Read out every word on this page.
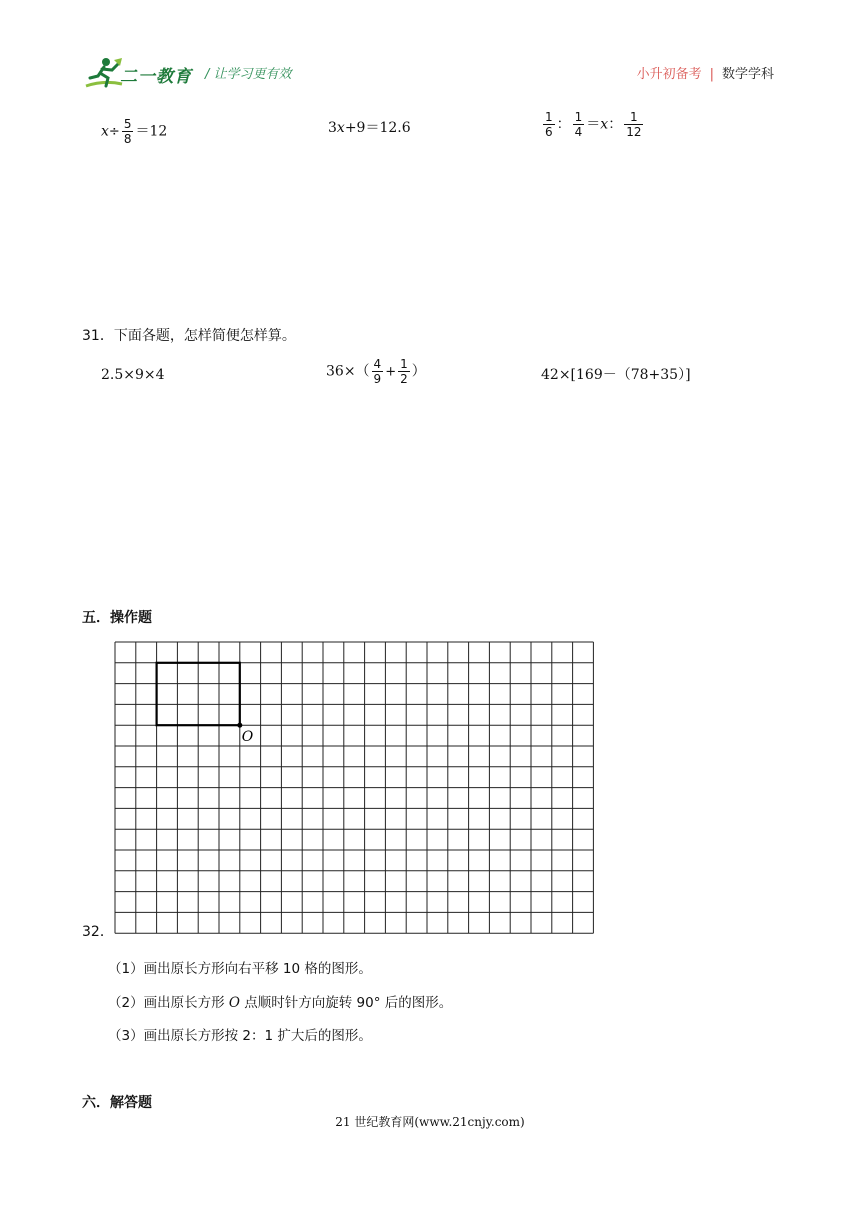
二一教育 / 让学习更有效	小升初备考 | 数学学科
$x\div \frac{5}{8} =12$	3x+9＝12.6	$\frac{1}{6}$ ： $\frac{1}{4} =x$： $\frac{1}{12}$
31．下面各题，怎样简便怎样算。
2.5×9×4	$36\times( \frac{4}{9} + \frac{1}{2}$ ）	42×[169－（78+35）]
五．操作题
O
32．
（1）画出原长方形向右平移 10 格的图形。
（2）画出原长方形 O 点顺时针方向旋转 90° 后的图形。
（3）画出原长方形按 2：1 扩大后的图形。
六．解答题
21 世纪教育网(www.21cnjy.com)
